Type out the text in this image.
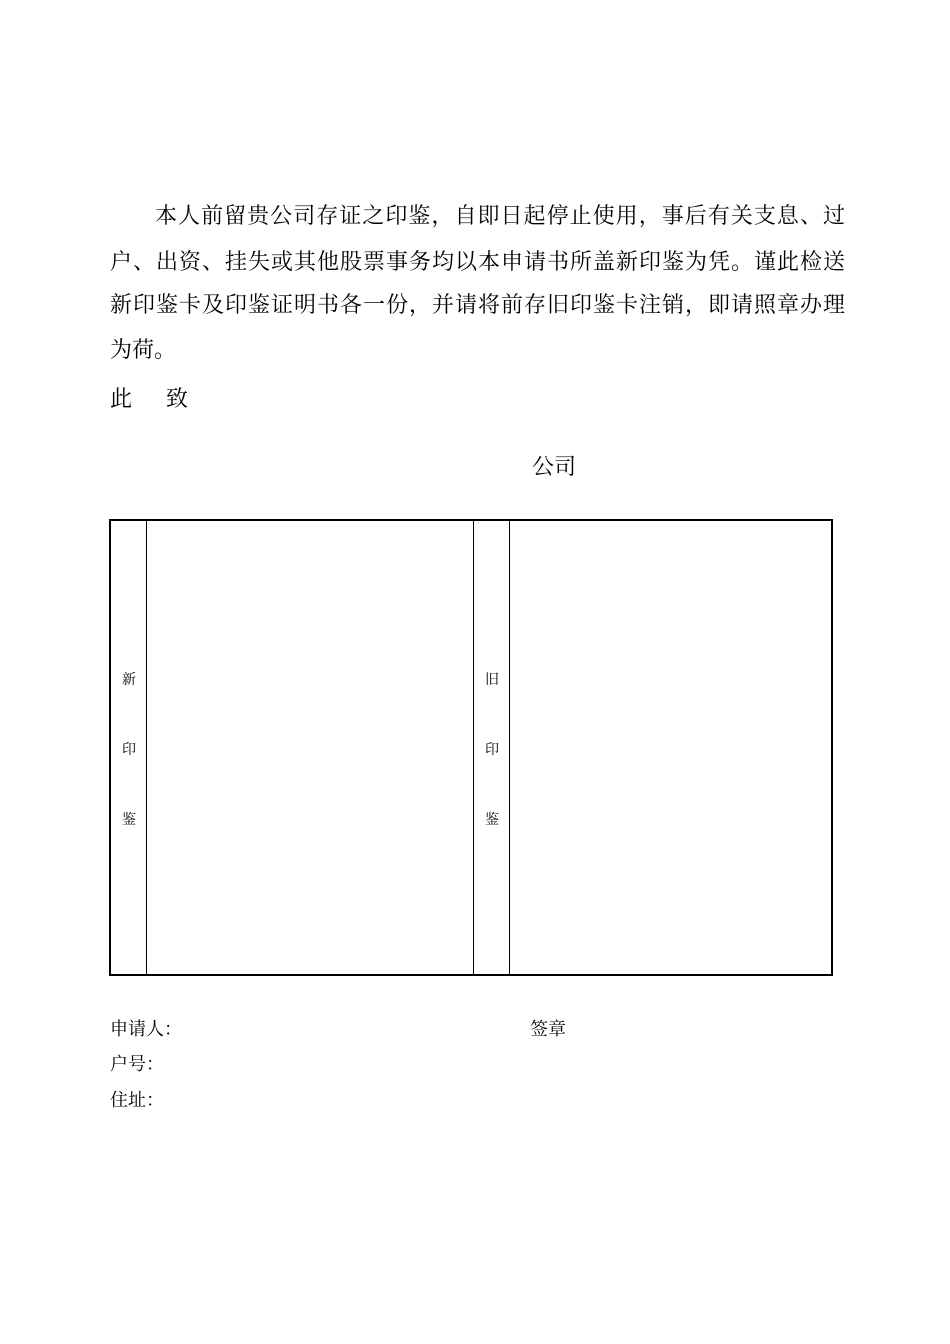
本人前留贵公司存证之印鉴，自即日起停止使用，事后有关支息、过
户、出资、挂失或其他股票事务均以本申请书所盖新印鉴为凭。谨此检送
新印鉴卡及印鉴证明书各一份，并请将前存旧印鉴卡注销，即请照章办理
为荷。
此 致
公司
新
印
鉴
旧
印
鉴
申请人：	签章
户号：
住址：
